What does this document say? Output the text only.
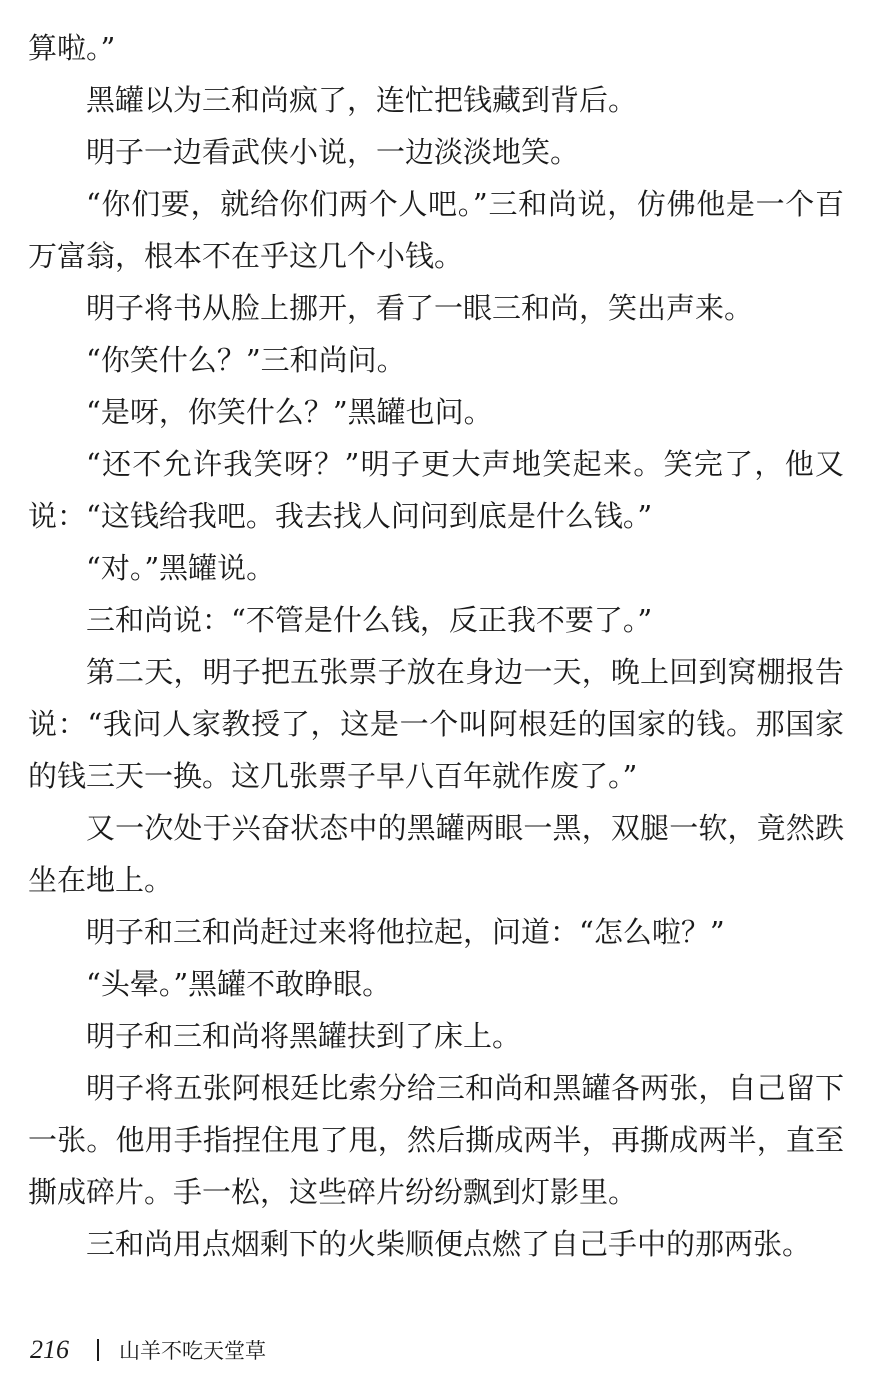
算啦。”

黑罐以为三和尚疯了，连忙把钱藏到背后。

明子一边看武侠小说，一边淡淡地笑。

“你们要，就给你们两个人吧。”三和尚说，仿佛他是一个百万富翁，根本不在乎这几个小钱。

明子将书从脸上挪开，看了一眼三和尚，笑出声来。

“你笑什么？”三和尚问。

“是呀，你笑什么？”黑罐也问。

“还不允许我笑呀？”明子更大声地笑起来。笑完了，他又说：“这钱给我吧。我去找人问问到底是什么钱。”

“对。”黑罐说。

三和尚说：“不管是什么钱，反正我不要了。”

第二天，明子把五张票子放在身边一天，晚上回到窝棚报告说：“我问人家教授了，这是一个叫阿根廷的国家的钱。那国家的钱三天一换。这几张票子早八百年就作废了。”

又一次处于兴奋状态中的黑罐两眼一黑，双腿一软，竟然跌坐在地上。

明子和三和尚赶过来将他拉起，问道：“怎么啦？”

“头晕。”黑罐不敢睁眼。

明子和三和尚将黑罐扶到了床上。

明子将五张阿根廷比索分给三和尚和黑罐各两张，自己留下一张。他用手指捏住甩了甩，然后撕成两半，再撕成两半，直至撕成碎片。手一松，这些碎片纷纷飘到灯影里。

三和尚用点烟剩下的火柴顺便点燃了自己手中的那两张。

216 山羊不吃天堂草
